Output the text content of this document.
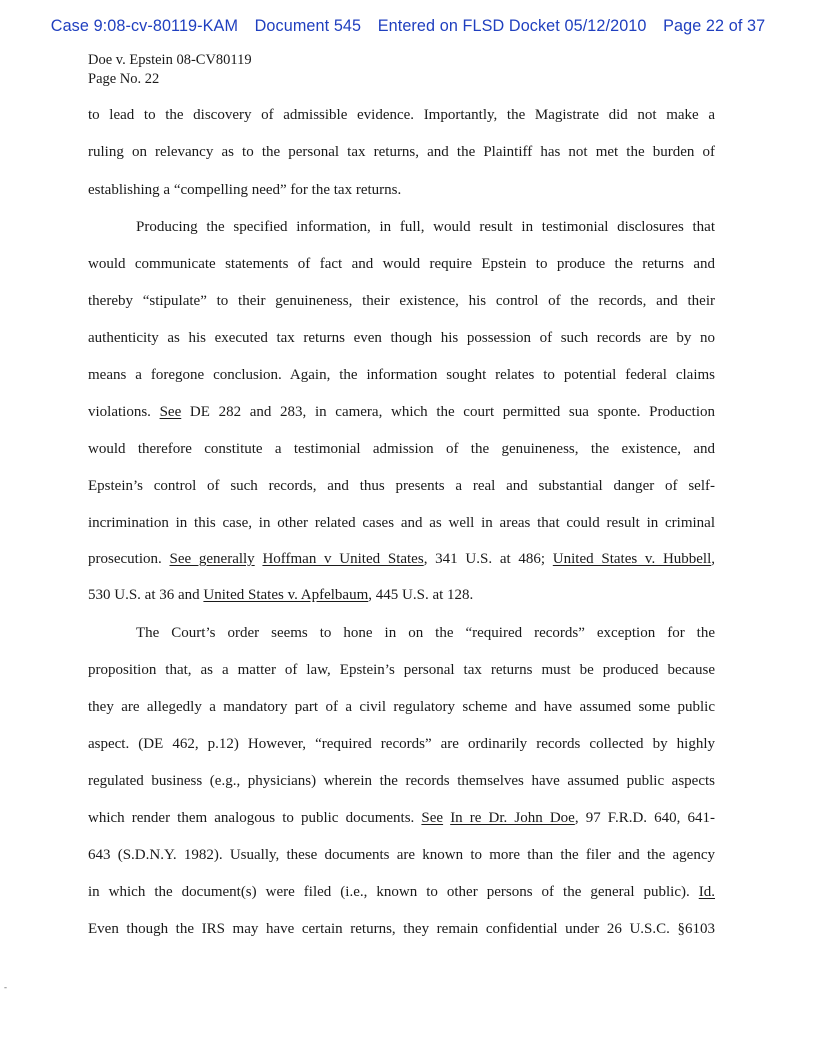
Case 9:08-cv-80119-KAM Document 545 Entered on FLSD Docket 05/12/2010 Page 22 of 37
Doe v. Epstein 08-CV80119
Page No. 22
to lead to the discovery of admissible evidence. Importantly, the Magistrate did not make a
ruling on relevancy as to the personal tax returns, and the Plaintiff has not met the burden of
establishing a “compelling need” for the tax returns.
Producing the specified information, in full, would result in testimonial disclosures that
would communicate statements of fact and would require Epstein to produce the returns and
thereby “stipulate” to their genuineness, their existence, his control of the records, and their
authenticity as his executed tax returns even though his possession of such records are by no
means a foregone conclusion. Again, the information sought relates to potential federal claims
violations. See DE 282 and 283, in camera, which the court permitted sua sponte. Production
would therefore constitute a testimonial admission of the genuineness, the existence, and
Epstein’s control of such records, and thus presents a real and substantial danger of self-
incrimination in this case, in other related cases and as well in areas that could result in criminal
prosecution. See generally Hoffman v United States, 341 U.S. at 486; United States v. Hubbell,
530 U.S. at 36 and United States v. Apfelbaum, 445 U.S. at 128.
The Court’s order seems to hone in on the “required records” exception for the
proposition that, as a matter of law, Epstein’s personal tax returns must be produced because
they are allegedly a mandatory part of a civil regulatory scheme and have assumed some public
aspect. (DE 462, p.12) However, “required records” are ordinarily records collected by highly
regulated business (e.g., physicians) wherein the records themselves have assumed public aspects
which render them analogous to public documents. See In re Dr. John Doe, 97 F.R.D. 640, 641-
643 (S.D.N.Y. 1982). Usually, these documents are known to more than the filer and the agency
in which the document(s) were filed (i.e., known to other persons of the general public). Id.
Even though the IRS may have certain returns, they remain confidential under 26 U.S.C. §6103
-
